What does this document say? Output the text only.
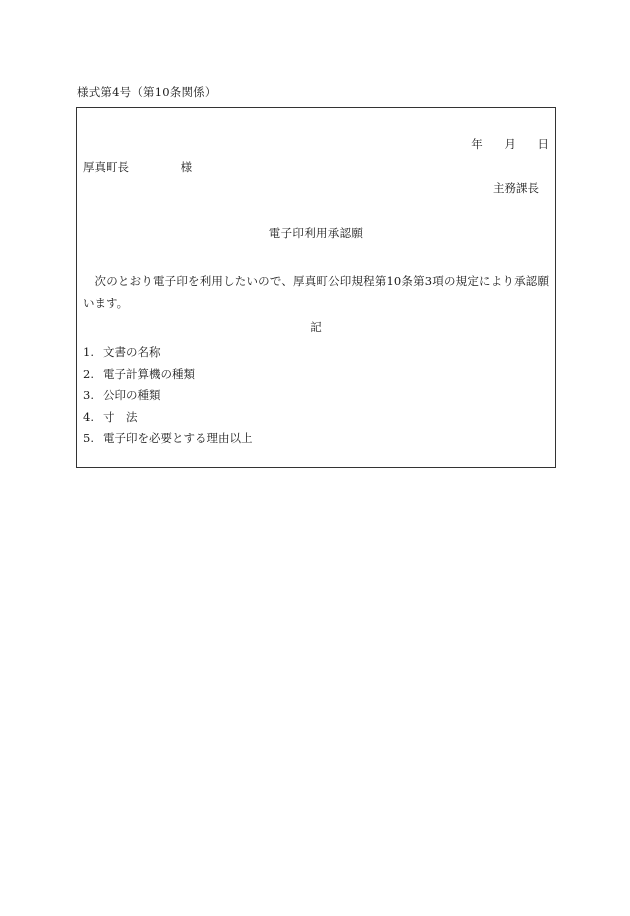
様式第4号（第10条関係）
年 月 日
厚真町長	様
主務課長
電子印利用承認願
次のとおり電子印を利用したいので、厚真町公印規程第10条第3項の規定により承認願います。
記
1. 文書の名称
2. 電子計算機の種類
3. 公印の種類
4. 寸　法
5. 電子印を必要とする理由以上
